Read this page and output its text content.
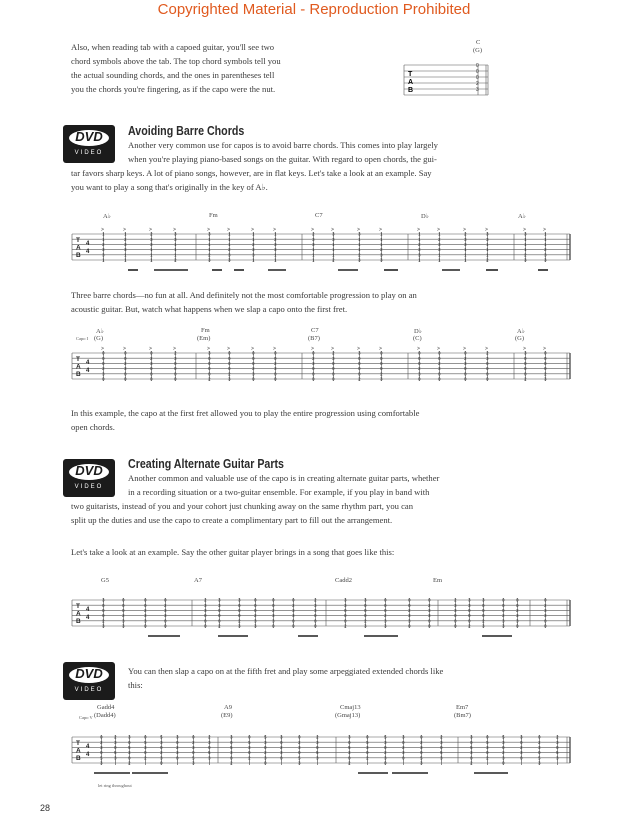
Copyrighted Material - Reproduction Prohibited
Also, when reading tab with a capoed guitar, you'll see two
chord symbols above the tab. The top chord symbols tell you
the actual sounding chords, and the ones in parentheses tell
you the chords you're fingering, as if the capo were the nut.
C
(G)
T
A
B
0
0
0
2
3
DVD
VIDEO
Avoiding Barre Chords
Another very common use for capos is to avoid barre chords. This comes into play largely
when you're playing piano-based songs on the guitar. With regard to open chords, the gui-
tar favors sharp keys. A lot of piano songs, however, are in flat keys. Let's take a look at an example. Say
you want to play a song that's originally in the key of A♭.
A♭	Fm	C7	D♭	A♭
T
A
B
4
4
>
1
1
2
3
3
1
>
1
2
3
3
1
1
>
2
3
3
1
1
1
>
3
3
1
1
1
2
>
3
1
1
1
2
3
>
1
1
1
2
3
3
>
1
1
2
3
3
1
>
1
2
3
3
1
1
>
2
3
3
1
1
1
>
3
3
1
1
1
2
>
3
1
1
1
2
3
>
1
1
1
2
3
3
>
1
1
2
3
3
1
>
1
2
3
3
1
1
>
2
3
3
1
1
1
>
3
3
1
1
1
2
>
3
1
1
1
2
3
>
1
1
1
2
3
3
Three barre chords—no fun at all. And definitely not the most comfortable progression to play on an
acoustic guitar. But, watch what happens when we slap a capo onto the first fret.
Capo I
A♭
(G)
Fm
(Em)
C7
(B7)
D♭
(C)
A♭
(G)
T
A
B
4
4
>
0
0
0
2
3
0
>
0
0
2
3
0
0
>
0
2
3
0
0
0
>
2
3
0
0
0
0
>
3
0
0
0
0
2
>
0
0
0
0
2
3
>
0
0
0
2
3
0
>
0
0
2
3
0
0
>
0
2
3
0
0
0
>
2
3
0
0
0
0
>
3
0
0
0
0
2
>
0
0
0
0
2
3
>
0
0
0
2
3
0
>
0
0
2
3
0
0
>
0
2
3
0
0
0
>
2
3
0
0
0
0
>
3
0
0
0
0
2
>
0
0
0
0
2
3
In this example, the capo at the first fret allowed you to play the entire progression using comfortable
open chords.
DVD
VIDEO
Creating Alternate Guitar Parts
Another common and valuable use of the capo is in creating alternate guitar parts, whether
in a recording situation or a two-guitar ensemble. For example, if you play in band with
two guitarists, instead of you and your cohort just chunking away on the same rhythm part, you can
split up the duties and use the capo to create a complimentary part to fill out the arrangement.
Let's take a look at an example. Say the other guitar player brings in a song that goes like this:
G5	A7	Cadd2	Em
T
A
B
4
4
3
0
0
0
2
3
0
0
0
2
3
3
0
0
2
3
3
0
0
2
3
3
0
0
2
3
3
0
0
0
3
3
0
0
0
2
3
0
0
0
2
3
0
0
0
2
3
3
0
0
2
3
3
0
0
2
3
3
0
0
2
3
3
0
0
0
3
3
0
0
0
2
3
0
0
0
2
3
0
0
0
2
3
3
0
0
2
3
3
0
0
2
3
3
0
0
2
3
3
0
0
0
3
3
0
0
0
2
3
0
0
0
2
3
0
0
0
2
3
3
0
0
2
3
3
0
0
2
3
3
0
0
DVD
VIDEO
You can then slap a capo on at the fifth fret and play some arpeggiated extended chords like
this:
Capo V
Gadd4
(Dadd4)
A9
(E9)
Cmaj13
(Gmaj13)
Em7
(Bm7)
T
A
B
4
4
0
2
3
0
5
3
2
3
0
5
3
3
0
5
3
0
2
0
5
3
0
2
5
3
0
2
3
0
3
0
2
3
0
0
2
3
0
5
3
2
3
0
5
3
3
0
5
3
0
2
0
5
3
0
2
5
3
0
2
3
0
3
0
2
3
0
0
2
3
0
5
3
2
3
0
5
3
3
0
5
3
0
2
0
5
3
0
2
5
3
0
2
3
0
3
0
2
3
0
0
2
3
0
5
3
2
3
0
5
3
3
0
5
3
0
2
0
5
3
0
2
5
3
0
2
3
0
3
0
2
3
0
0
2
3
0
5
3
2
3
0
5
3
let ring throughout
28
